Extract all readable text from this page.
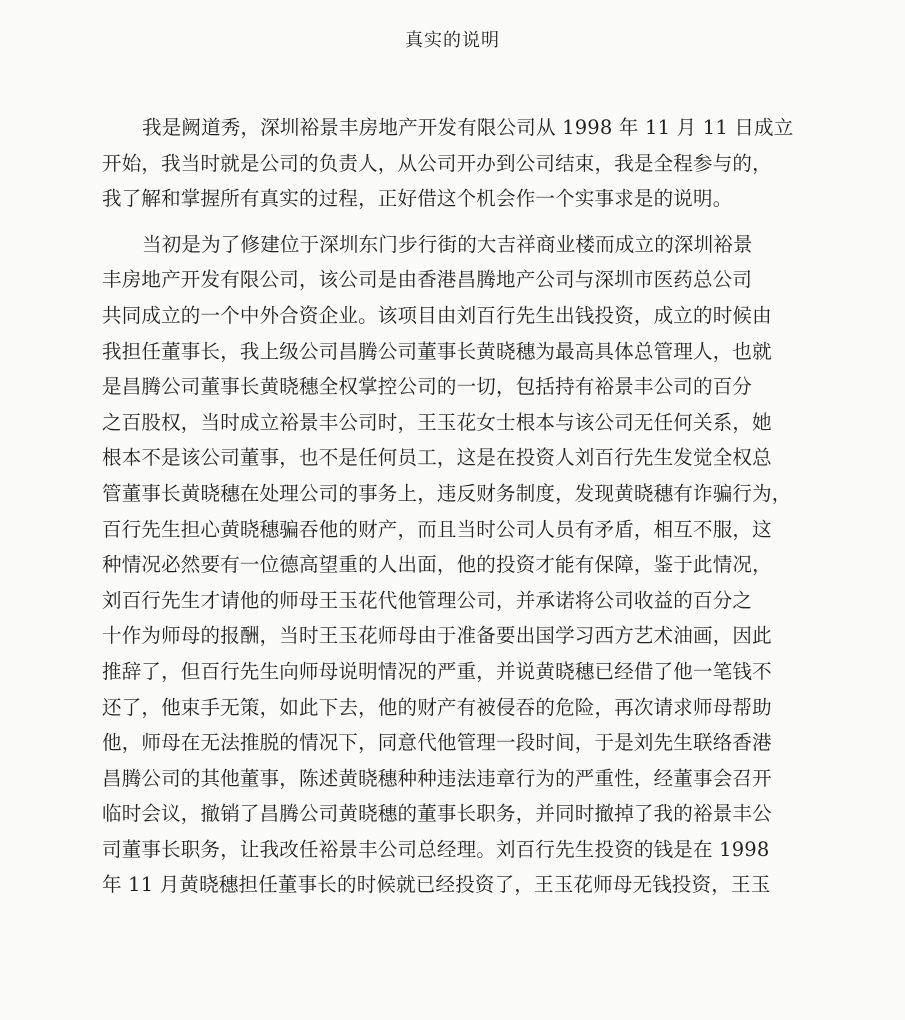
真实的说明
我是阙道秀，深圳裕景丰房地产开发有限公司从 1998 年 11 月 11 日成立
开始，我当时就是公司的负责人，从公司开办到公司结束，我是全程参与的，
我了解和掌握所有真实的过程，正好借这个机会作一个实事求是的说明。
当初是为了修建位于深圳东门步行街的大吉祥商业楼而成立的深圳裕景
丰房地产开发有限公司，该公司是由香港昌腾地产公司与深圳市医药总公司
共同成立的一个中外合资企业。该项目由刘百行先生出钱投资，成立的时候由
我担任董事长，我上级公司昌腾公司董事长黄晓穗为最高具体总管理人，也就
是昌腾公司董事长黄晓穗全权掌控公司的一切，包括持有裕景丰公司的百分
之百股权，当时成立裕景丰公司时，王玉花女士根本与该公司无任何关系，她
根本不是该公司董事，也不是任何员工，这是在投资人刘百行先生发觉全权总
管董事长黄晓穗在处理公司的事务上，违反财务制度，发现黄晓穗有诈骗行为，
百行先生担心黄晓穗骗吞他的财产，而且当时公司人员有矛盾，相互不服，这
种情况必然要有一位德高望重的人出面，他的投资才能有保障，鉴于此情况，
刘百行先生才请他的师母王玉花代他管理公司，并承诺将公司收益的百分之
十作为师母的报酬，当时王玉花师母由于准备要出国学习西方艺术油画，因此
推辞了，但百行先生向师母说明情况的严重，并说黄晓穗已经借了他一笔钱不
还了，他束手无策，如此下去，他的财产有被侵吞的危险，再次请求师母帮助
他，师母在无法推脱的情况下，同意代他管理一段时间，于是刘先生联络香港
昌腾公司的其他董事，陈述黄晓穗种种违法违章行为的严重性，经董事会召开
临时会议，撤销了昌腾公司黄晓穗的董事长职务，并同时撤掉了我的裕景丰公
司董事长职务，让我改任裕景丰公司总经理。刘百行先生投资的钱是在 1998
年 11 月黄晓穗担任董事长的时候就已经投资了，王玉花师母无钱投资，王玉
